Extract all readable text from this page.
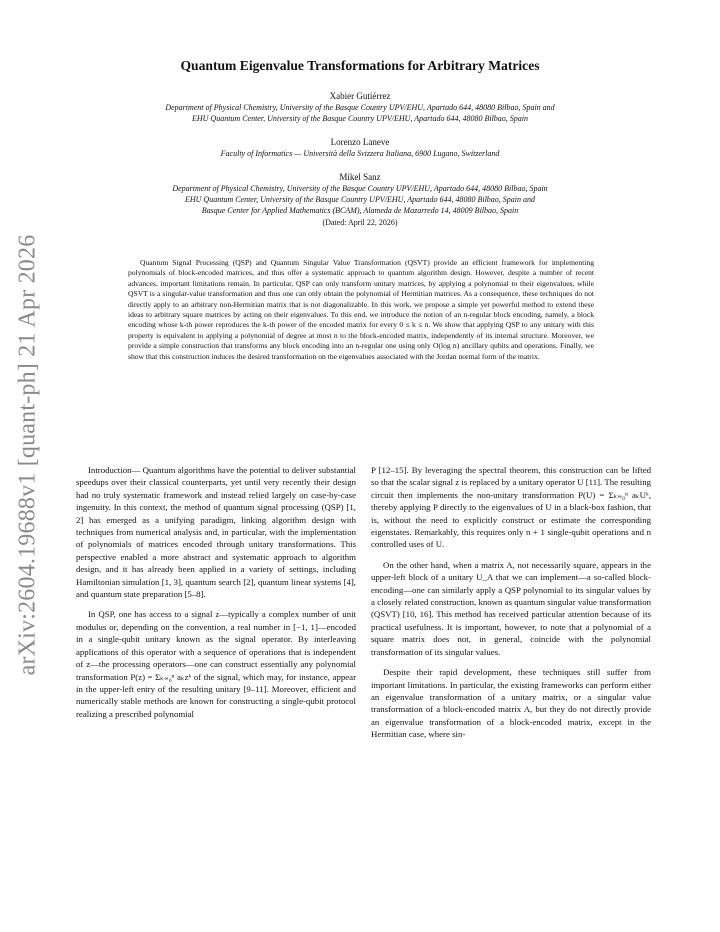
arXiv:2604.19688v1 [quant-ph] 21 Apr 2026
Quantum Eigenvalue Transformations for Arbitrary Matrices
Xabier Gutiérrez
Department of Physical Chemistry, University of the Basque Country UPV/EHU, Apartado 644, 48080 Bilbao, Spain and
EHU Quantum Center, University of the Basque Country UPV/EHU, Apartado 644, 48080 Bilbao, Spain
Lorenzo Laneve
Faculty of Informatics — Università della Svizzera Italiana, 6900 Lugano, Switzerland
Mikel Sanz
Department of Physical Chemistry, University of the Basque Country UPV/EHU, Apartado 644, 48080 Bilbao, Spain
EHU Quantum Center, University of the Basque Country UPV/EHU, Apartado 644, 48080 Bilbao, Spain and
Basque Center for Applied Mathematics (BCAM), Alameda de Mazarredo 14, 48009 Bilbao, Spain
(Dated: April 22, 2026)
Quantum Signal Processing (QSP) and Quantum Singular Value Transformation (QSVT) provide an efficient framework for implementing polynomials of block-encoded matrices, and thus offer a systematic approach to quantum algorithm design. However, despite a number of recent advances, important limitations remain. In particular, QSP can only transform unitary matrices, by applying a polynomial to their eigenvalues, while QSVT is a singular-value transformation and thus one can only obtain the polynomial of Hermitian matrices. As a consequence, these techniques do not directly apply to an arbitrary non-Hermitian matrix that is not diagonalizable. In this work, we propose a simple yet powerful method to extend these ideas to arbitrary square matrices by acting on their eigenvalues. To this end, we introduce the notion of an n-regular block encoding, namely, a block encoding whose k-th power reproduces the k-th power of the encoded matrix for every 0 ≤ k ≤ n. We show that applying QSP to any unitary with this property is equivalent to applying a polynomial of degree at most n to the block-encoded matrix, independently of its internal structure. Moreover, we provide a simple construction that transforms any block encoding into an n-regular one using only O(log n) ancillary qubits and operations. Finally, we show that this construction induces the desired transformation on the eigenvalues associated with the Jordan normal form of the matrix.

Introduction— Quantum algorithms have the potential to deliver substantial speedups over their classical counterparts, yet until very recently their design had no truly systematic framework and instead relied largely on case-by-case ingenuity. In this context, the method of quantum signal processing (QSP) [1, 2] has emerged as a unifying paradigm, linking algorithm design with techniques from numerical analysis and, in particular, with the implementation of polynomials of matrices encoded through unitary transformations. This perspective enabled a more abstract and systematic approach to algorithm design, and it has already been applied in a variety of settings, including Hamiltonian simulation [1, 3], quantum search [2], quantum linear systems [4], and quantum state preparation [5–8].

In QSP, one has access to a signal z—typically a complex number of unit modulus or, depending on the convention, a real number in [−1, 1]—encoded in a single-qubit unitary known as the signal operator. By interleaving applications of this operator with a sequence of operations that is independent of z—the processing operators—one can construct essentially any polynomial transformation P(z) = Σₖ₌₀ⁿ aₖzᵏ of the signal, which may, for instance, appear in the upper-left entry of the resulting unitary [9–11]. Moreover, efficient and numerically stable methods are known for constructing a single-qubit protocol realizing a prescribed polynomial

P [12–15]. By leveraging the spectral theorem, this construction can be lifted so that the scalar signal z is replaced by a unitary operator U [11]. The resulting circuit then implements the non-unitary transformation P(U) = Σₖ₌₀ⁿ aₖUᵏ, thereby applying P directly to the eigenvalues of U in a black-box fashion, that is, without the need to explicitly construct or estimate the corresponding eigenstates. Remarkably, this requires only n + 1 single-qubit operations and n controlled uses of U.

On the other hand, when a matrix A, not necessarily square, appears in the upper-left block of a unitary U_A that we can implement—a so-called block-encoding—one can similarly apply a QSP polynomial to its singular values by a closely related construction, known as quantum singular value transformation (QSVT) [10, 16]. This method has received particular attention because of its practical usefulness. It is important, however, to note that a polynomial of a square matrix does not, in general, coincide with the polynomial transformation of its singular values.

Despite their rapid development, these techniques still suffer from important limitations. In particular, the existing frameworks can perform either an eigenvalue transformation of a unitary matrix, or a singular value transformation of a block-encoded matrix A, but they do not directly provide an eigenvalue transformation of a block-encoded matrix, except in the Hermitian case, where sin-
